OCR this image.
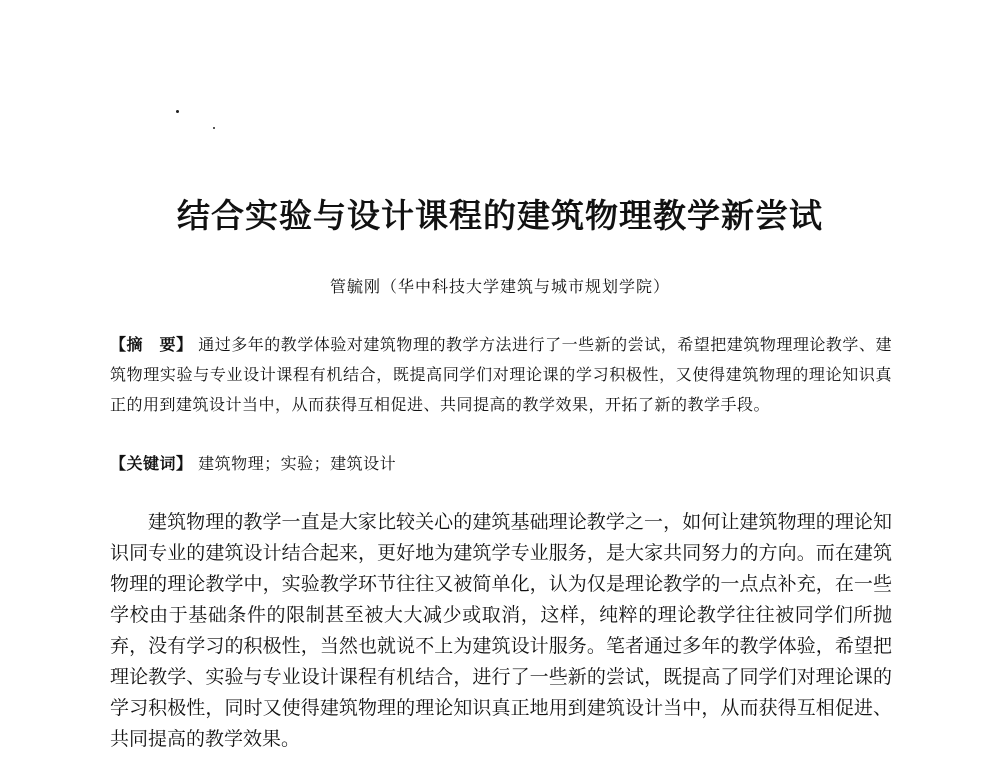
结合实验与设计课程的建筑物理教学新尝试
管毓刚（华中科技大学建筑与城市规划学院）
【摘　要】 通过多年的教学体验对建筑物理的教学方法进行了一些新的尝试，希望把建筑物理理论教学、建筑物理实验与专业设计课程有机结合，既提高同学们对理论课的学习积极性，又使得建筑物理的理论知识真正的用到建筑设计当中，从而获得互相促进、共同提高的教学效果，开拓了新的教学手段。
【关键词】 建筑物理；实验；建筑设计
建筑物理的教学一直是大家比较关心的建筑基础理论教学之一，如何让建筑物理的理论知识同专业的建筑设计结合起来，更好地为建筑学专业服务，是大家共同努力的方向。而在建筑物理的理论教学中，实验教学环节往往又被简单化，认为仅是理论教学的一点点补充，在一些学校由于基础条件的限制甚至被大大减少或取消，这样，纯粹的理论教学往往被同学们所抛弃，没有学习的积极性，当然也就说不上为建筑设计服务。笔者通过多年的教学体验，希望把理论教学、实验与专业设计课程有机结合，进行了一些新的尝试，既提高了同学们对理论课的学习积极性，同时又使得建筑物理的理论知识真正地用到建筑设计当中，从而获得互相促进、共同提高的教学效果。
